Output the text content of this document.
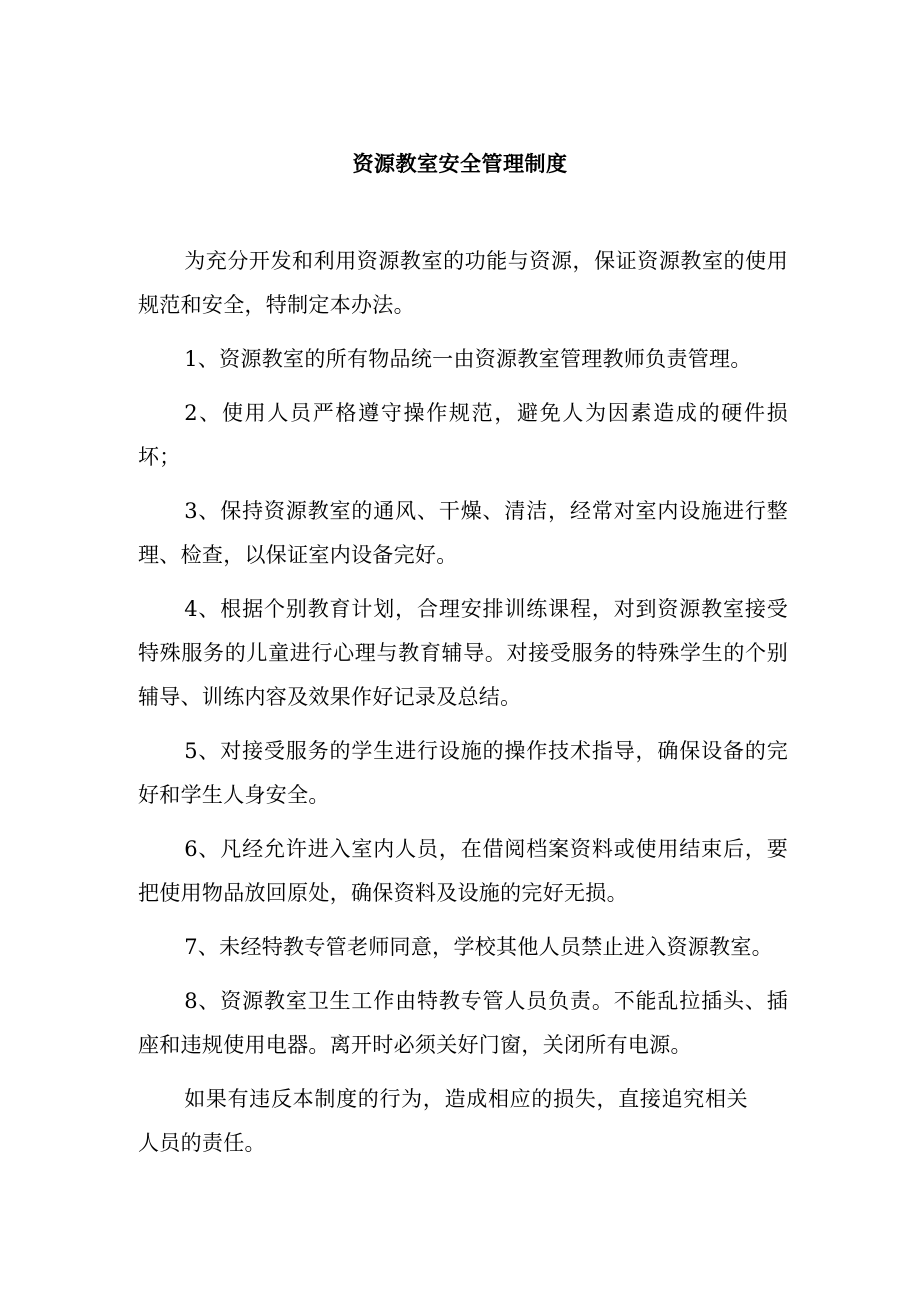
资源教室安全管理制度

为充分开发和利用资源教室的功能与资源，保证资源教室的使用规范和安全，特制定本办法。

1、资源教室的所有物品统一由资源教室管理教师负责管理。

2、使用人员严格遵守操作规范，避免人为因素造成的硬件损坏；

3、保持资源教室的通风、干燥、清洁，经常对室内设施进行整理、检查，以保证室内设备完好。

4、根据个别教育计划，合理安排训练课程，对到资源教室接受特殊服务的儿童进行心理与教育辅导。对接受服务的特殊学生的个别辅导、训练内容及效果作好记录及总结。

5、对接受服务的学生进行设施的操作技术指导，确保设备的完好和学生人身安全。

6、凡经允许进入室内人员，在借阅档案资料或使用结束后，要把使用物品放回原处，确保资料及设施的完好无损。

7、未经特教专管老师同意，学校其他人员禁止进入资源教室。

8、资源教室卫生工作由特教专管人员负责。不能乱拉插头、插座和违规使用电器。离开时必须关好门窗，关闭所有电源。

如果有违反本制度的行为，造成相应的损失，直接追究相关人员的责任。
